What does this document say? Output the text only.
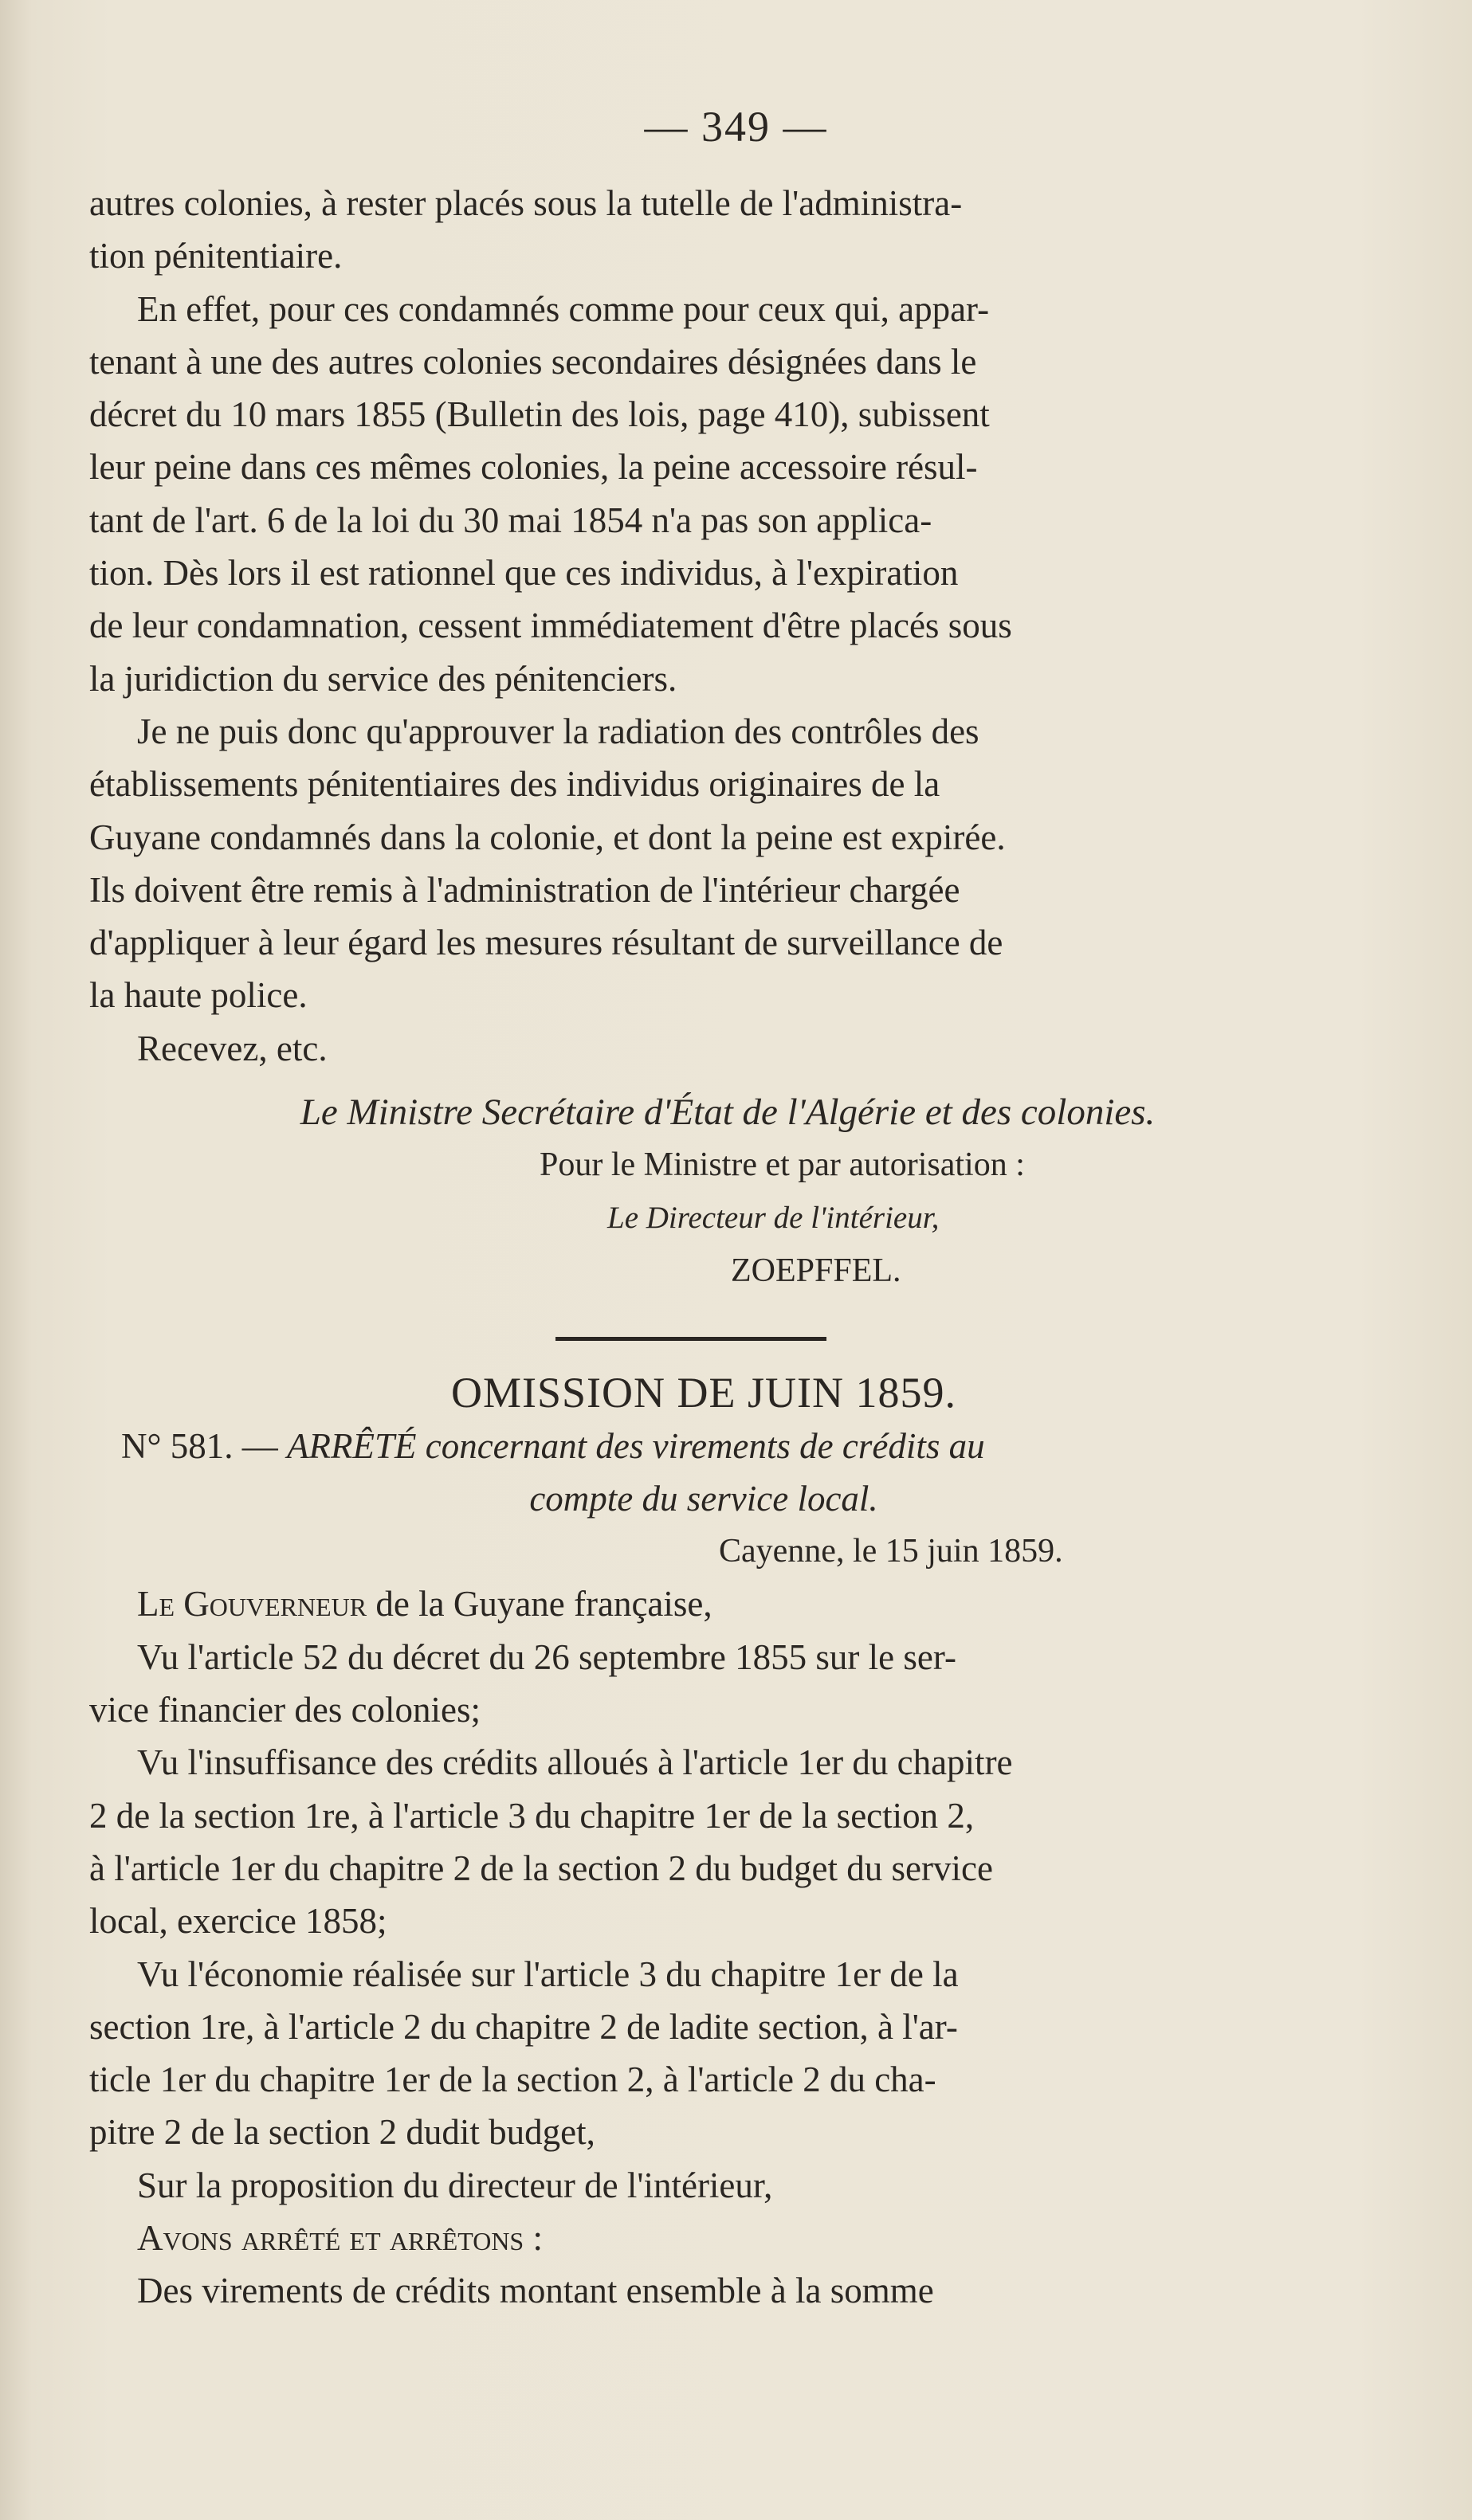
— 349 —

autres colonies, à rester placés sous la tutelle de l'administra-

tion pénitentiaire.

En effet, pour ces condamnés comme pour ceux qui, appar-

tenant à une des autres colonies secondaires désignées dans le

décret du 10 mars 1855 (Bulletin des lois, page 410), subissent

leur peine dans ces mêmes colonies, la peine accessoire résul-

tant de l'art. 6 de la loi du 30 mai 1854 n'a pas son applica-

tion. Dès lors il est rationnel que ces individus, à l'expiration

de leur condamnation, cessent immédiatement d'être placés sous

la juridiction du service des pénitenciers.

Je ne puis donc qu'approuver la radiation des contrôles des

établissements pénitentiaires des individus originaires de la

Guyane condamnés dans la colonie, et dont la peine est expirée.

Ils doivent être remis à l'administration de l'intérieur chargée

d'appliquer à leur égard les mesures résultant de surveillance de

la haute police.

Recevez, etc.

Le Ministre Secrétaire d'État de l'Algérie et des colonies.

Pour le Ministre et par autorisation :

Le Directeur de l'intérieur,

ZOEPFFEL.

OMISSION DE JUIN 1859.

N° 581. — ARRÊTÉ concernant des virements de crédits au

compte du service local.

Cayenne, le 15 juin 1859.

Le Gouverneur de la Guyane française,

Vu l'article 52 du décret du 26 septembre 1855 sur le ser-

vice financier des colonies;

Vu l'insuffisance des crédits alloués à l'article 1er du chapitre

2 de la section 1re, à l'article 3 du chapitre 1er de la section 2,

à l'article 1er du chapitre 2 de la section 2 du budget du service

local, exercice 1858;

Vu l'économie réalisée sur l'article 3 du chapitre 1er de la

section 1re, à l'article 2 du chapitre 2 de ladite section, à l'ar-

ticle 1er du chapitre 1er de la section 2, à l'article 2 du cha-

pitre 2 de la section 2 dudit budget,

Sur la proposition du directeur de l'intérieur,

Avons arrêté et arrêtons :

Des virements de crédits montant ensemble à la somme
